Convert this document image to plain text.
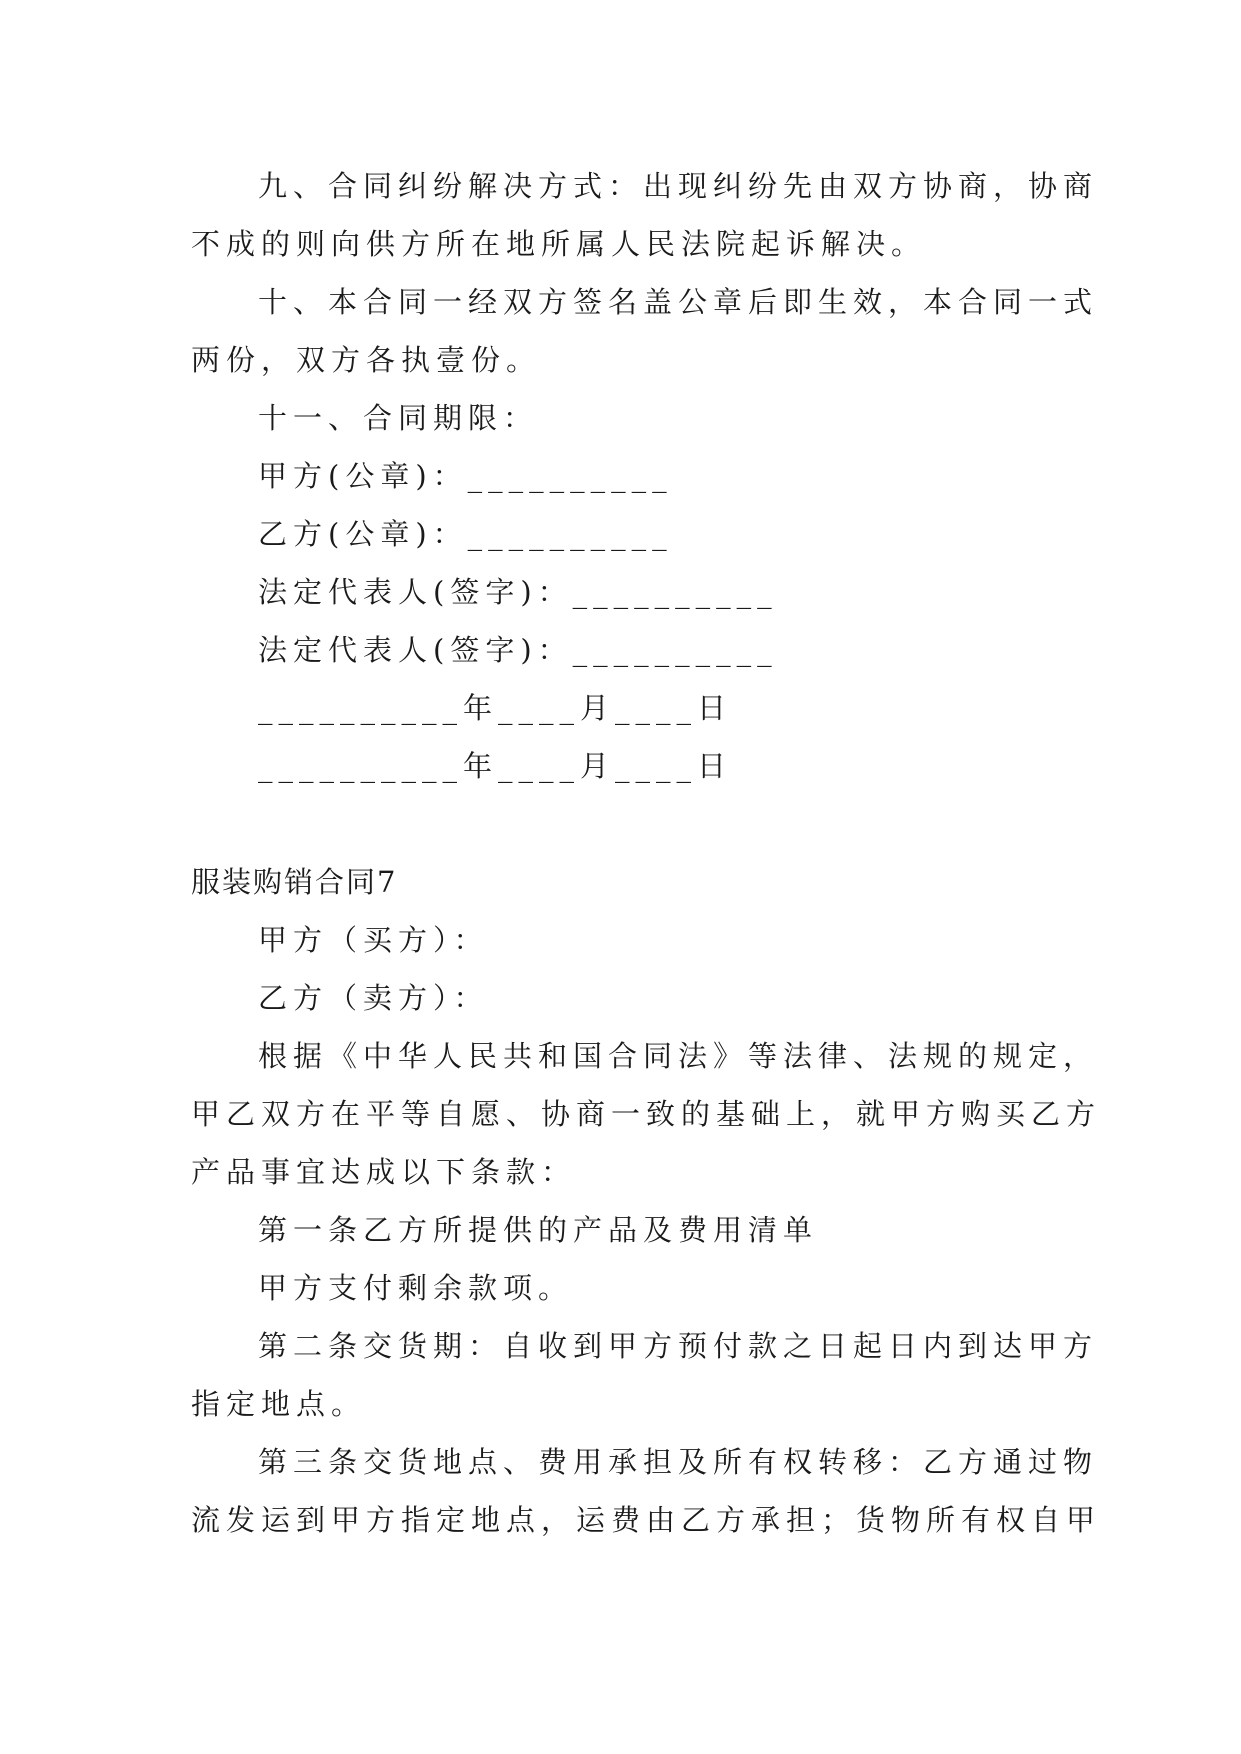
九、合同纠纷解决方式：出现纠纷先由双方协商，协商
不成的则向供方所在地所属人民法院起诉解决。
十、本合同一经双方签名盖公章后即生效，本合同一式
两份，双方各执壹份。
十一、合同期限：
甲方(公章)：__________
乙方(公章)：__________
法定代表人(签字)：__________
法定代表人(签字)：__________
__________年____月____日
__________年____月____日
服装购销合同7
甲方（买方）：
乙方（卖方）：
根据《中华人民共和国合同法》等法律、法规的规定，
甲乙双方在平等自愿、协商一致的基础上，就甲方购买乙方
产品事宜达成以下条款：
第一条乙方所提供的产品及费用清单
甲方支付剩余款项。
第二条交货期：自收到甲方预付款之日起日内到达甲方
指定地点。
第三条交货地点、费用承担及所有权转移：乙方通过物
流发运到甲方指定地点，运费由乙方承担；货物所有权自甲
